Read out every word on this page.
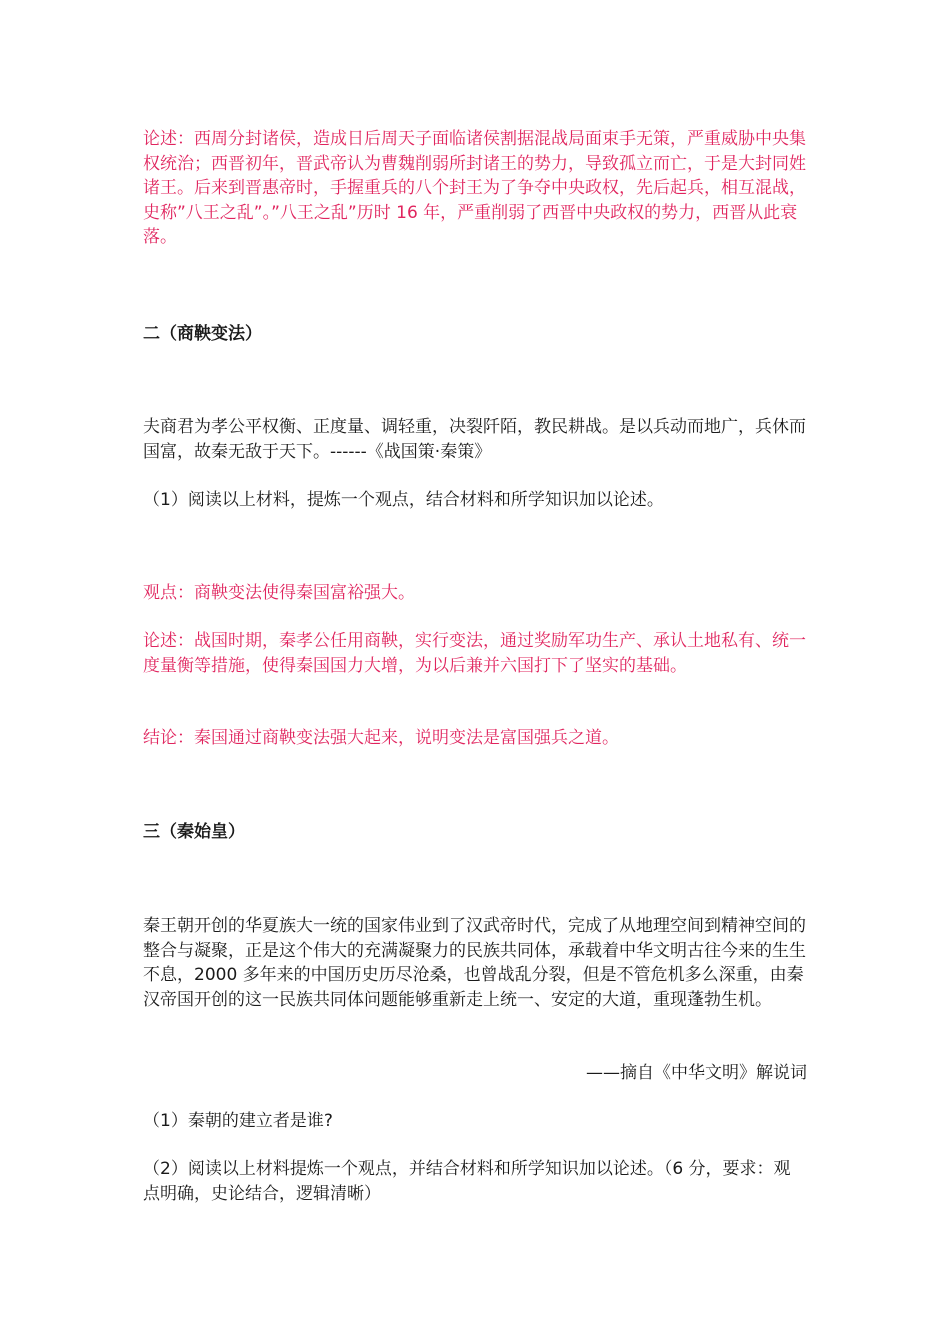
论述：西周分封诸侯，造成日后周天子面临诸侯割据混战局面束手无策，严重威胁中央集权统治；西晋初年，晋武帝认为曹魏削弱所封诸王的势力，导致孤立而亡，于是大封同姓诸王。后来到晋惠帝时，手握重兵的八个封王为了争夺中央政权，先后起兵，相互混战，史称”八王之乱”。”八王之乱”历时 16 年，严重削弱了西晋中央政权的势力，西晋从此衰落。

二（商鞅变法）

夫商君为孝公平权衡、正度量、调轻重，决裂阡陌，教民耕战。是以兵动而地广，兵休而国富，故秦无敌于天下。------《战国策·秦策》

（1）阅读以上材料，提炼一个观点，结合材料和所学知识加以论述。

观点：商鞅变法使得秦国富裕强大。

论述：战国时期，秦孝公任用商鞅，实行变法，通过奖励军功生产、承认土地私有、统一度量衡等措施，使得秦国国力大增，为以后兼并六国打下了坚实的基础。

结论：秦国通过商鞅变法强大起来，说明变法是富国强兵之道。

三（秦始皇）

秦王朝开创的华夏族大一统的国家伟业到了汉武帝时代，完成了从地理空间到精神空间的整合与凝聚，正是这个伟大的充满凝聚力的民族共同体，承载着中华文明古往今来的生生不息，2000 多年来的中国历史历尽沧桑，也曾战乱分裂，但是不管危机多么深重，由秦汉帝国开创的这一民族共同体问题能够重新走上统一、安定的大道，重现蓬勃生机。

——摘自《中华文明》解说词

（1）秦朝的建立者是谁?

（2）阅读以上材料提炼一个观点，并结合材料和所学知识加以论述。（6 分，要求：观点明确，史论结合，逻辑清晰）
